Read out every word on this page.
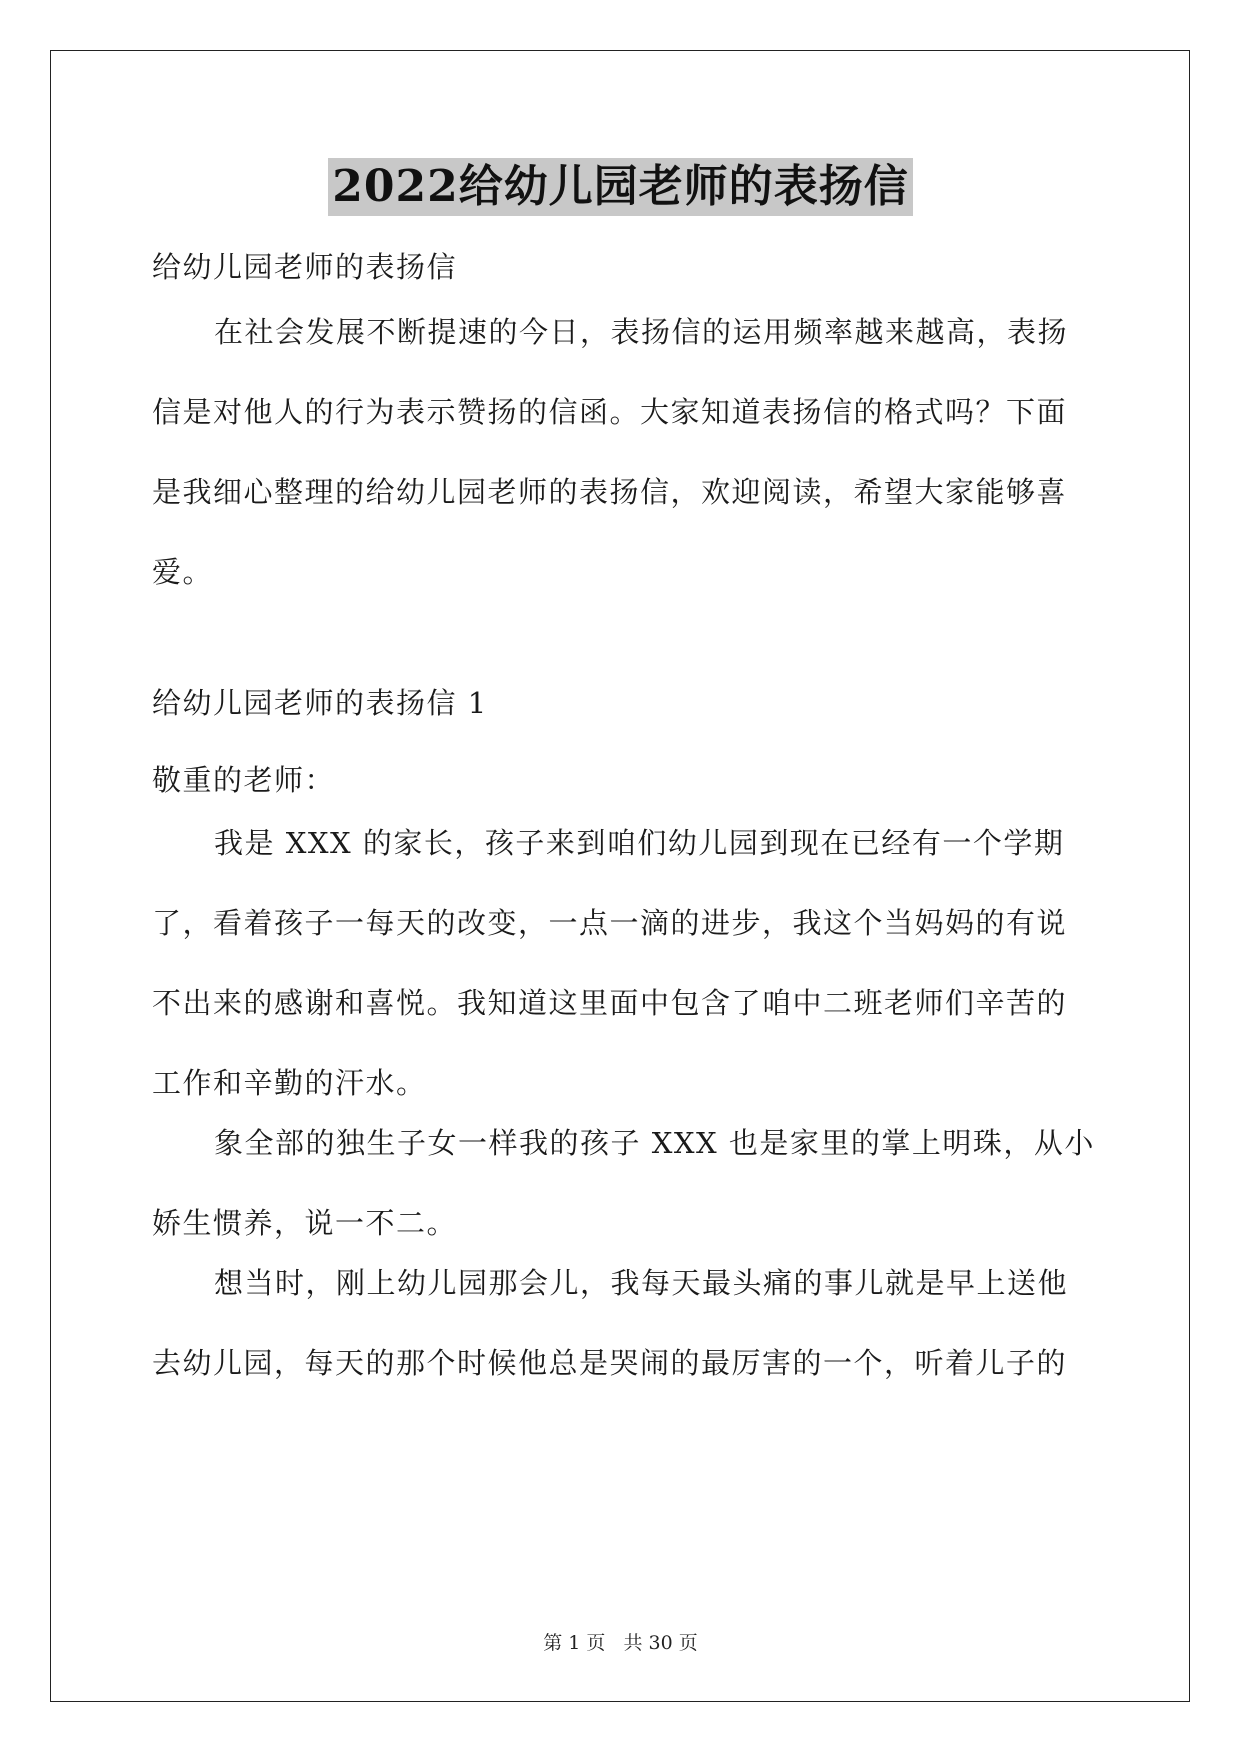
2022给幼儿园老师的表扬信

给幼儿园老师的表扬信

在社会发展不断提速的今日，表扬信的运用频率越来越高，表扬信是对他人的行为表示赞扬的信函。大家知道表扬信的格式吗？下面是我细心整理的给幼儿园老师的表扬信，欢迎阅读，希望大家能够喜爱。

给幼儿园老师的表扬信 1

敬重的老师：

我是 XXX 的家长，孩子来到咱们幼儿园到现在已经有一个学期了，看着孩子一每天的改变，一点一滴的进步，我这个当妈妈的有说不出来的感谢和喜悦。我知道这里面中包含了咱中二班老师们辛苦的工作和辛勤的汗水。

象全部的独生子女一样我的孩子 XXX 也是家里的掌上明珠，从小娇生惯养，说一不二。

想当时，刚上幼儿园那会儿，我每天最头痛的事儿就是早上送他去幼儿园，每天的那个时候他总是哭闹的最厉害的一个，听着儿子的

第 1 页 共 30 页
